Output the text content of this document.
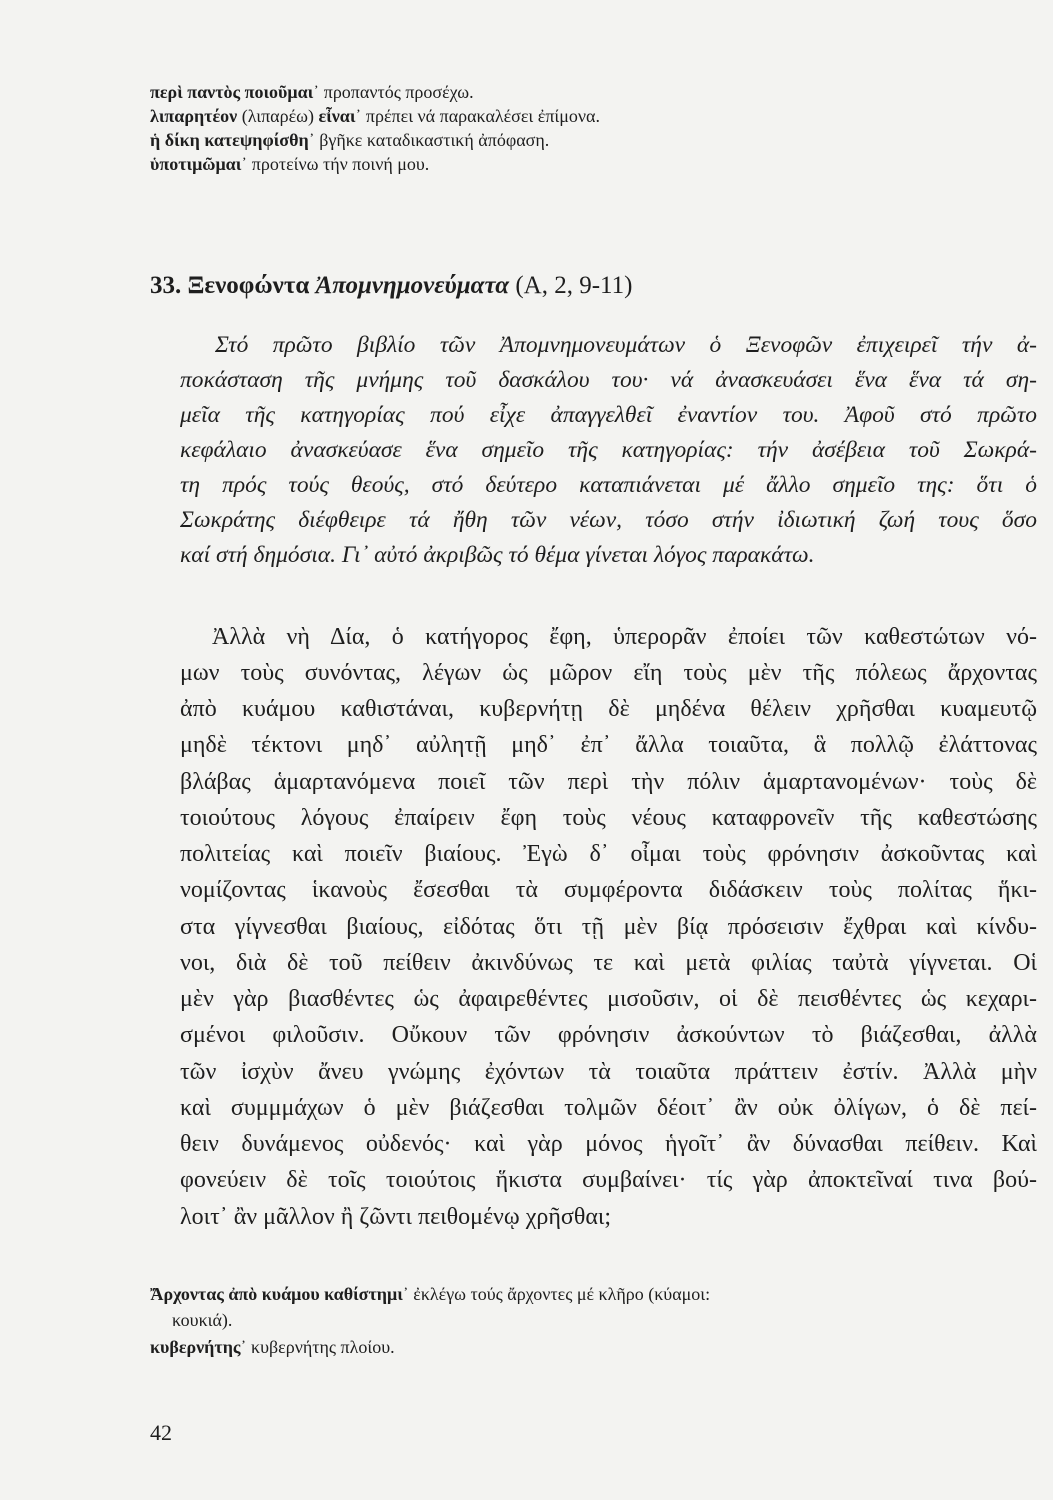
περὶ παντὸς ποιοῦμαι᾽ προπαντός προσέχω.
λιπαρητέον (λιπαρέω) εἶναι᾽ πρέπει νά παρακαλέσει ἐπίμονα.
ἡ δίκη κατεψηφίσθη᾽ βγῆκε καταδικαστική ἀπόφαση.
ὑποτιμῶμαι᾽ προτείνω τήν ποινή μου.
33. Ξενοφώντα Ἀπομνημονεύματα (Α, 2, 9-11)
Στό πρῶτο βιβλίο τῶν Ἀπομνημονευμάτων ὁ Ξενοφῶν ἐπιχειρεῖ τήν ἀ-
ποκάσταση τῆς μνήμης τοῦ δασκάλου του· νά ἀνασκευάσει ἕνα ἕνα τά ση-
μεῖα τῆς κατηγορίας πού εἶχε ἀπαγγελθεῖ ἐναντίον του. Ἀφοῦ στό πρῶτο
κεφάλαιο ἀνασκεύασε ἕνα σημεῖο τῆς κατηγορίας: τήν ἀσέβεια τοῦ Σωκρά-
τη πρός τούς θεούς, στό δεύτερο καταπιάνεται μέ ἄλλο σημεῖο της: ὅτι ὁ
Σωκράτης διέφθειρε τά ἤθη τῶν νέων, τόσο στήν ἰδιωτική ζωή τους ὅσο
καί στή δημόσια. Γι᾽ αὐτό ἀκριβῶς τό θέμα γίνεται λόγος παρακάτω.
Ἀλλὰ νὴ Δία, ὁ κατήγορος ἔφη, ὑπερορᾶν ἐποίει τῶν καθεστώτων νό-
μων τοὺς συνόντας, λέγων ὡς μῶρον εἴη τοὺς μὲν τῆς πόλεως ἄρχοντας
ἀπὸ κυάμου καθιστάναι, κυβερνήτῃ δὲ μηδένα θέλειν χρῆσθαι κυαμευτῷ
μηδὲ τέκτονι μηδ᾽ αὐλητῇ μηδ᾽ ἐπ᾽ ἄλλα τοιαῦτα, ἃ πολλῷ ἐλάττονας
βλάβας ἁμαρτανόμενα ποιεῖ τῶν περὶ τὴν πόλιν ἁμαρτανομένων· τοὺς δὲ
τοιούτους λόγους ἐπαίρειν ἔφη τοὺς νέους καταφρονεῖν τῆς καθεστώσης
πολιτείας καὶ ποιεῖν βιαίους. Ἐγὼ δ᾽ οἶμαι τοὺς φρόνησιν ἀσκοῦντας καὶ
νομίζοντας ἱκανοὺς ἔσεσθαι τὰ συμφέροντα διδάσκειν τοὺς πολίτας ἥκι-
στα γίγνεσθαι βιαίους, εἰδότας ὅτι τῇ μὲν βίᾳ πρόσεισιν ἔχθραι καὶ κίνδυ-
νοι, διὰ δὲ τοῦ πείθειν ἀκινδύνως τε καὶ μετὰ φιλίας ταὐτὰ γίγνεται. Οἱ
μὲν γὰρ βιασθέντες ὡς ἀφαιρεθέντες μισοῦσιν, οἱ δὲ πεισθέντες ὡς κεχαρι-
σμένοι φιλοῦσιν. Οὔκουν τῶν φρόνησιν ἀσκούντων τὸ βιάζεσθαι, ἀλλὰ
τῶν ἰσχὺν ἄνευ γνώμης ἐχόντων τὰ τοιαῦτα πράττειν ἐστίν. Ἀλλὰ μὴν
καὶ συμμμάχων ὁ μὲν βιάζεσθαι τολμῶν δέοιτ᾽ ἂν οὐκ ὀλίγων, ὁ δὲ πεί-
θειν δυνάμενος οὐδενός· καὶ γὰρ μόνος ἡγοῖτ᾽ ἂν δύνασθαι πείθειν. Καὶ
φονεύειν δὲ τοῖς τοιούτοις ἥκιστα συμβαίνει· τίς γὰρ ἀποκτεῖναί τινα βού-
λοιτ᾽ ἂν μᾶλλον ἢ ζῶντι πειθομένῳ χρῆσθαι;
Ἄρχοντας ἀπὸ κυάμου καθίστημι᾽ ἐκλέγω τούς ἄρχοντες μέ κλῆρο (κύαμοι:
κουκιά).
κυβερνήτης᾽ κυβερνήτης πλοίου.
42
